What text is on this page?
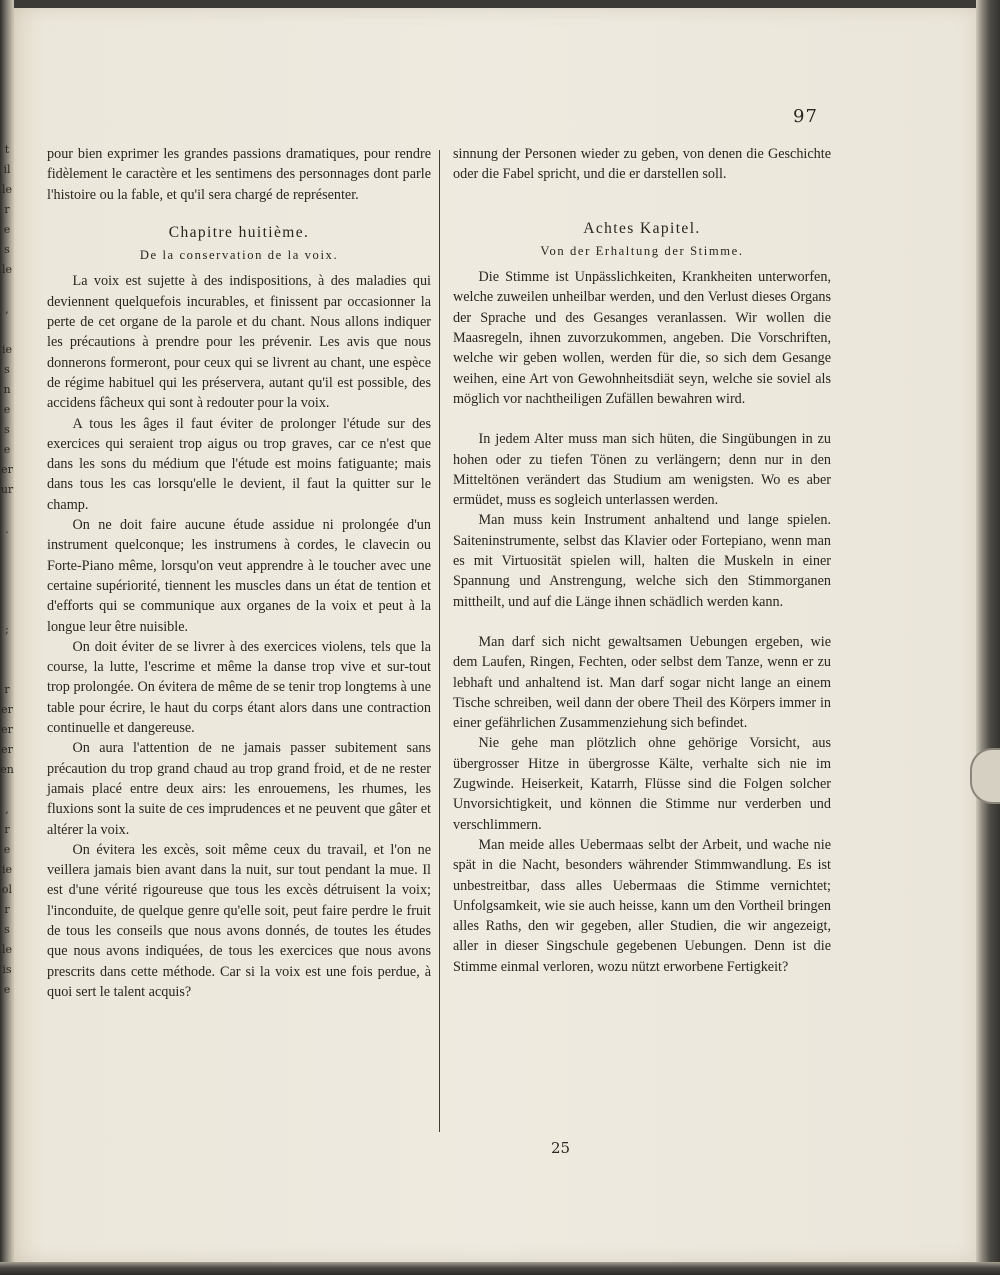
t
il
le
r
e
s
le

,

ie
s
n
e
s
e
er
ur

.

;

r
er
er
er
en

,
r
e
ie
ol
r
s
le
is
e
97

pour bien exprimer les grandes passions dramatiques, pour rendre fidèlement le caractère et les sentimens des personnages dont parle l'histoire ou la fable, et qu'il sera chargé de représenter.

Chapitre huitième.
De la conservation de la voix.

La voix est sujette à des indispositions, à des maladies qui deviennent quelquefois incurables, et finissent par occasionner la perte de cet organe de la parole et du chant. Nous allons indiquer les précautions à prendre pour les prévenir. Les avis que nous donnerons formeront, pour ceux qui se livrent au chant, une espèce de régime habituel qui les préservera, autant qu'il est possible, des accidens fâcheux qui sont à redouter pour la voix.

A tous les âges il faut éviter de prolonger l'étude sur des exercices qui seraient trop aigus ou trop graves, car ce n'est que dans les sons du médium que l'étude est moins fatiguante; mais dans tous les cas lorsqu'elle le devient, il faut la quitter sur le champ.

On ne doit faire aucune étude assidue ni prolongée d'un instrument quelconque; les instrumens à cordes, le clavecin ou Forte-Piano même, lorsqu'on veut apprendre à le toucher avec une certaine supériorité, tiennent les muscles dans un état de tention et d'efforts qui se communique aux organes de la voix et peut à la longue leur être nuisible.

On doit éviter de se livrer à des exercices violens, tels que la course, la lutte, l'escrime et même la danse trop vive et sur-tout trop prolongée. On évitera de même de se tenir trop longtems à une table pour écrire, le haut du corps étant alors dans une contraction continuelle et dangereuse.

On aura l'attention de ne jamais passer subitement sans précaution du trop grand chaud au trop grand froid, et de ne rester jamais placé entre deux airs: les enrouemens, les rhumes, les fluxions sont la suite de ces imprudences et ne peuvent que gâter et altérer la voix.

On évitera les excès, soit même ceux du travail, et l'on ne veillera jamais bien avant dans la nuit, sur tout pendant la mue. Il est d'une vérité rigoureuse que tous les excès détruisent la voix; l'inconduite, de quelque genre qu'elle soit, peut faire perdre le fruit de tous les conseils que nous avons donnés, de toutes les études que nous avons indiquées, de tous les exercices que nous avons prescrits dans cette méthode. Car si la voix est une fois perdue, à quoi sert le talent acquis?

sinnung der Personen wieder zu geben, von denen die Geschichte oder die Fabel spricht, und die er darstellen soll.

Achtes Kapitel.
Von der Erhaltung der Stimme.

Die Stimme ist Unpässlichkeiten, Krankheiten unterworfen, welche zuweilen unheilbar werden, und den Verlust dieses Organs der Sprache und des Gesanges veranlassen. Wir wollen die Maasregeln, ihnen zuvorzukommen, angeben. Die Vorschriften, welche wir geben wollen, werden für die, so sich dem Gesange weihen, eine Art von Gewohnheitsdiät seyn, welche sie soviel als möglich vor nachtheiligen Zufällen bewahren wird.

In jedem Alter muss man sich hüten, die Singübungen in zu hohen oder zu tiefen Tönen zu verlängern; denn nur in den Mitteltönen verändert das Studium am wenigsten. Wo es aber ermüdet, muss es sogleich unterlassen werden.

Man muss kein Instrument anhaltend und lange spielen. Saiteninstrumente, selbst das Klavier oder Fortepiano, wenn man es mit Virtuosität spielen will, halten die Muskeln in einer Spannung und Anstrengung, welche sich den Stimmorganen mittheilt, und auf die Länge ihnen schädlich werden kann.

Man darf sich nicht gewaltsamen Uebungen ergeben, wie dem Laufen, Ringen, Fechten, oder selbst dem Tanze, wenn er zu lebhaft und anhaltend ist. Man darf sogar nicht lange an einem Tische schreiben, weil dann der obere Theil des Körpers immer in einer gefährlichen Zusammenziehung sich befindet.

Nie gehe man plötzlich ohne gehörige Vorsicht, aus übergrosser Hitze in übergrosse Kälte, verhalte sich nie im Zugwinde. Heiserkeit, Katarrh, Flüsse sind die Folgen solcher Unvorsichtigkeit, und können die Stimme nur verderben und verschlimmern.

Man meide alles Uebermaas selbt der Arbeit, und wache nie spät in die Nacht, besonders währender Stimmwandlung. Es ist unbestreitbar, dass alles Uebermaas die Stimme vernichtet; Unfolgsamkeit, wie sie auch heisse, kann um den Vortheil bringen alles Raths, den wir gegeben, aller Studien, die wir angezeigt, aller in dieser Singschule gegebenen Uebungen. Denn ist die Stimme einmal verloren, wozu nützt erworbene Fertigkeit?

25
